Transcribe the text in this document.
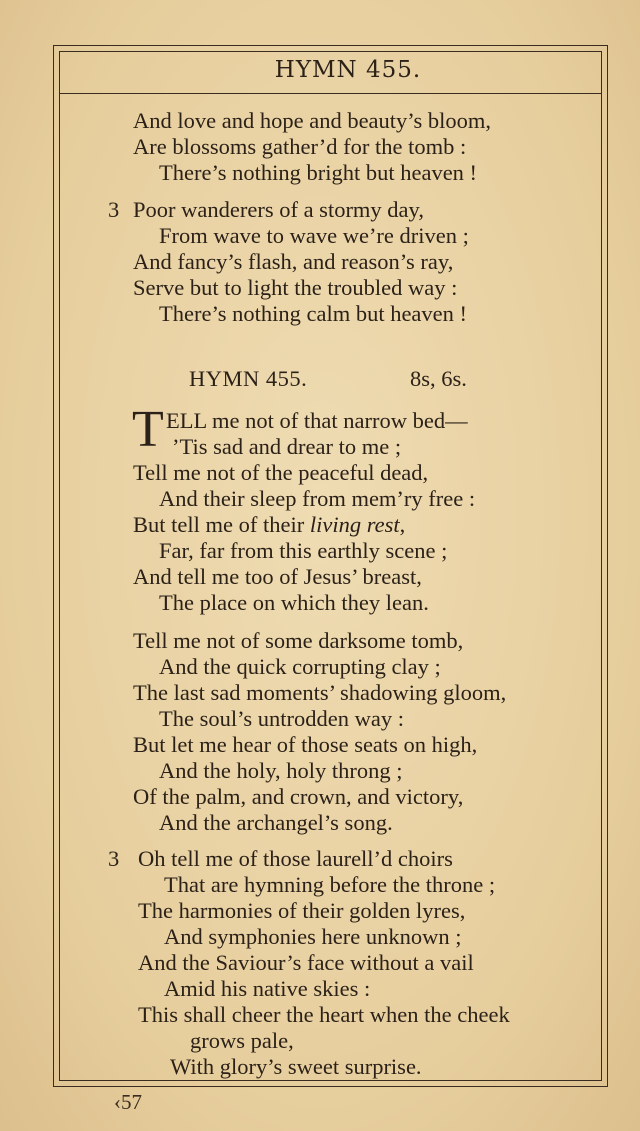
HYMN 455.
And love and hope and beauty’s bloom,
Are blossoms gather’d for the tomb :
There’s nothing bright but heaven !
3 Poor wanderers of a stormy day,
From wave to wave we’re driven ;
And fancy’s flash, and reason’s ray,
Serve but to light the troubled way :
There’s nothing calm but heaven !
HYMN 455.	8s, 6s.
T ELL me not of that narrow bed—
’Tis sad and drear to me ;
Tell me not of the peaceful dead,
And their sleep from mem’ry free :
But tell me of their living rest,
Far, far from this earthly scene ;
And tell me too of Jesus’ breast,
The place on which they lean.
Tell me not of some darksome tomb,
And the quick corrupting clay ;
The last sad moments’ shadowing gloom,
The soul’s untrodden way :
But let me hear of those seats on high,
And the holy, holy throng ;
Of the palm, and crown, and victory,
And the archangel’s song.
3 Oh tell me of those laurell’d choirs
That are hymning before the throne ;
The harmonies of their golden lyres,
And symphonies here unknown ;
And the Saviour’s face without a vail
Amid his native skies :
This shall cheer the heart when the cheek
grows pale,
With glory’s sweet surprise.
‹57
